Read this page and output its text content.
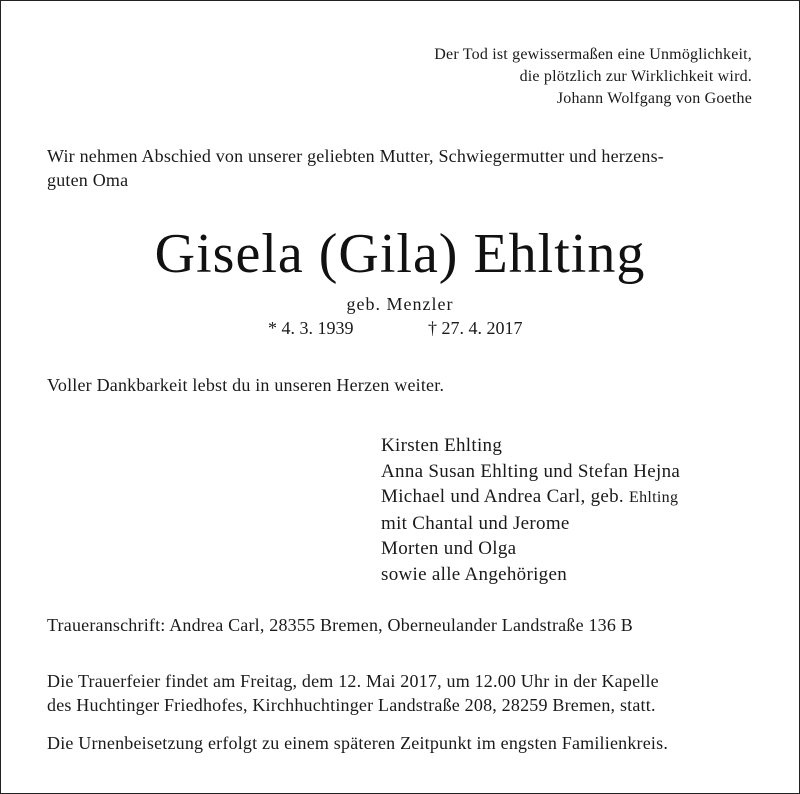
Der Tod ist gewissermaßen eine Unmöglichkeit,
die plötzlich zur Wirklichkeit wird.
Johann Wolfgang von Goethe
Wir nehmen Abschied von unserer geliebten Mutter, Schwiegermutter und herzens-
guten Oma
Gisela (Gila) Ehlting
geb. Menzler
* 4. 3. 1939	† 27. 4. 2017
Voller Dankbarkeit lebst du in unseren Herzen weiter.
Kirsten Ehlting
Anna Susan Ehlting und Stefan Hejna
Michael und Andrea Carl, geb. Ehlting
mit Chantal und Jerome
Morten und Olga
sowie alle Angehörigen
Traueranschrift: Andrea Carl, 28355 Bremen, Oberneulander Landstraße 136 B
Die Trauerfeier findet am Freitag, dem 12. Mai 2017, um 12.00 Uhr in der Kapelle
des Huchtinger Friedhofes, Kirchhuchtinger Landstraße 208, 28259 Bremen, statt.
Die Urnenbeisetzung erfolgt zu einem späteren Zeitpunkt im engsten Familienkreis.
